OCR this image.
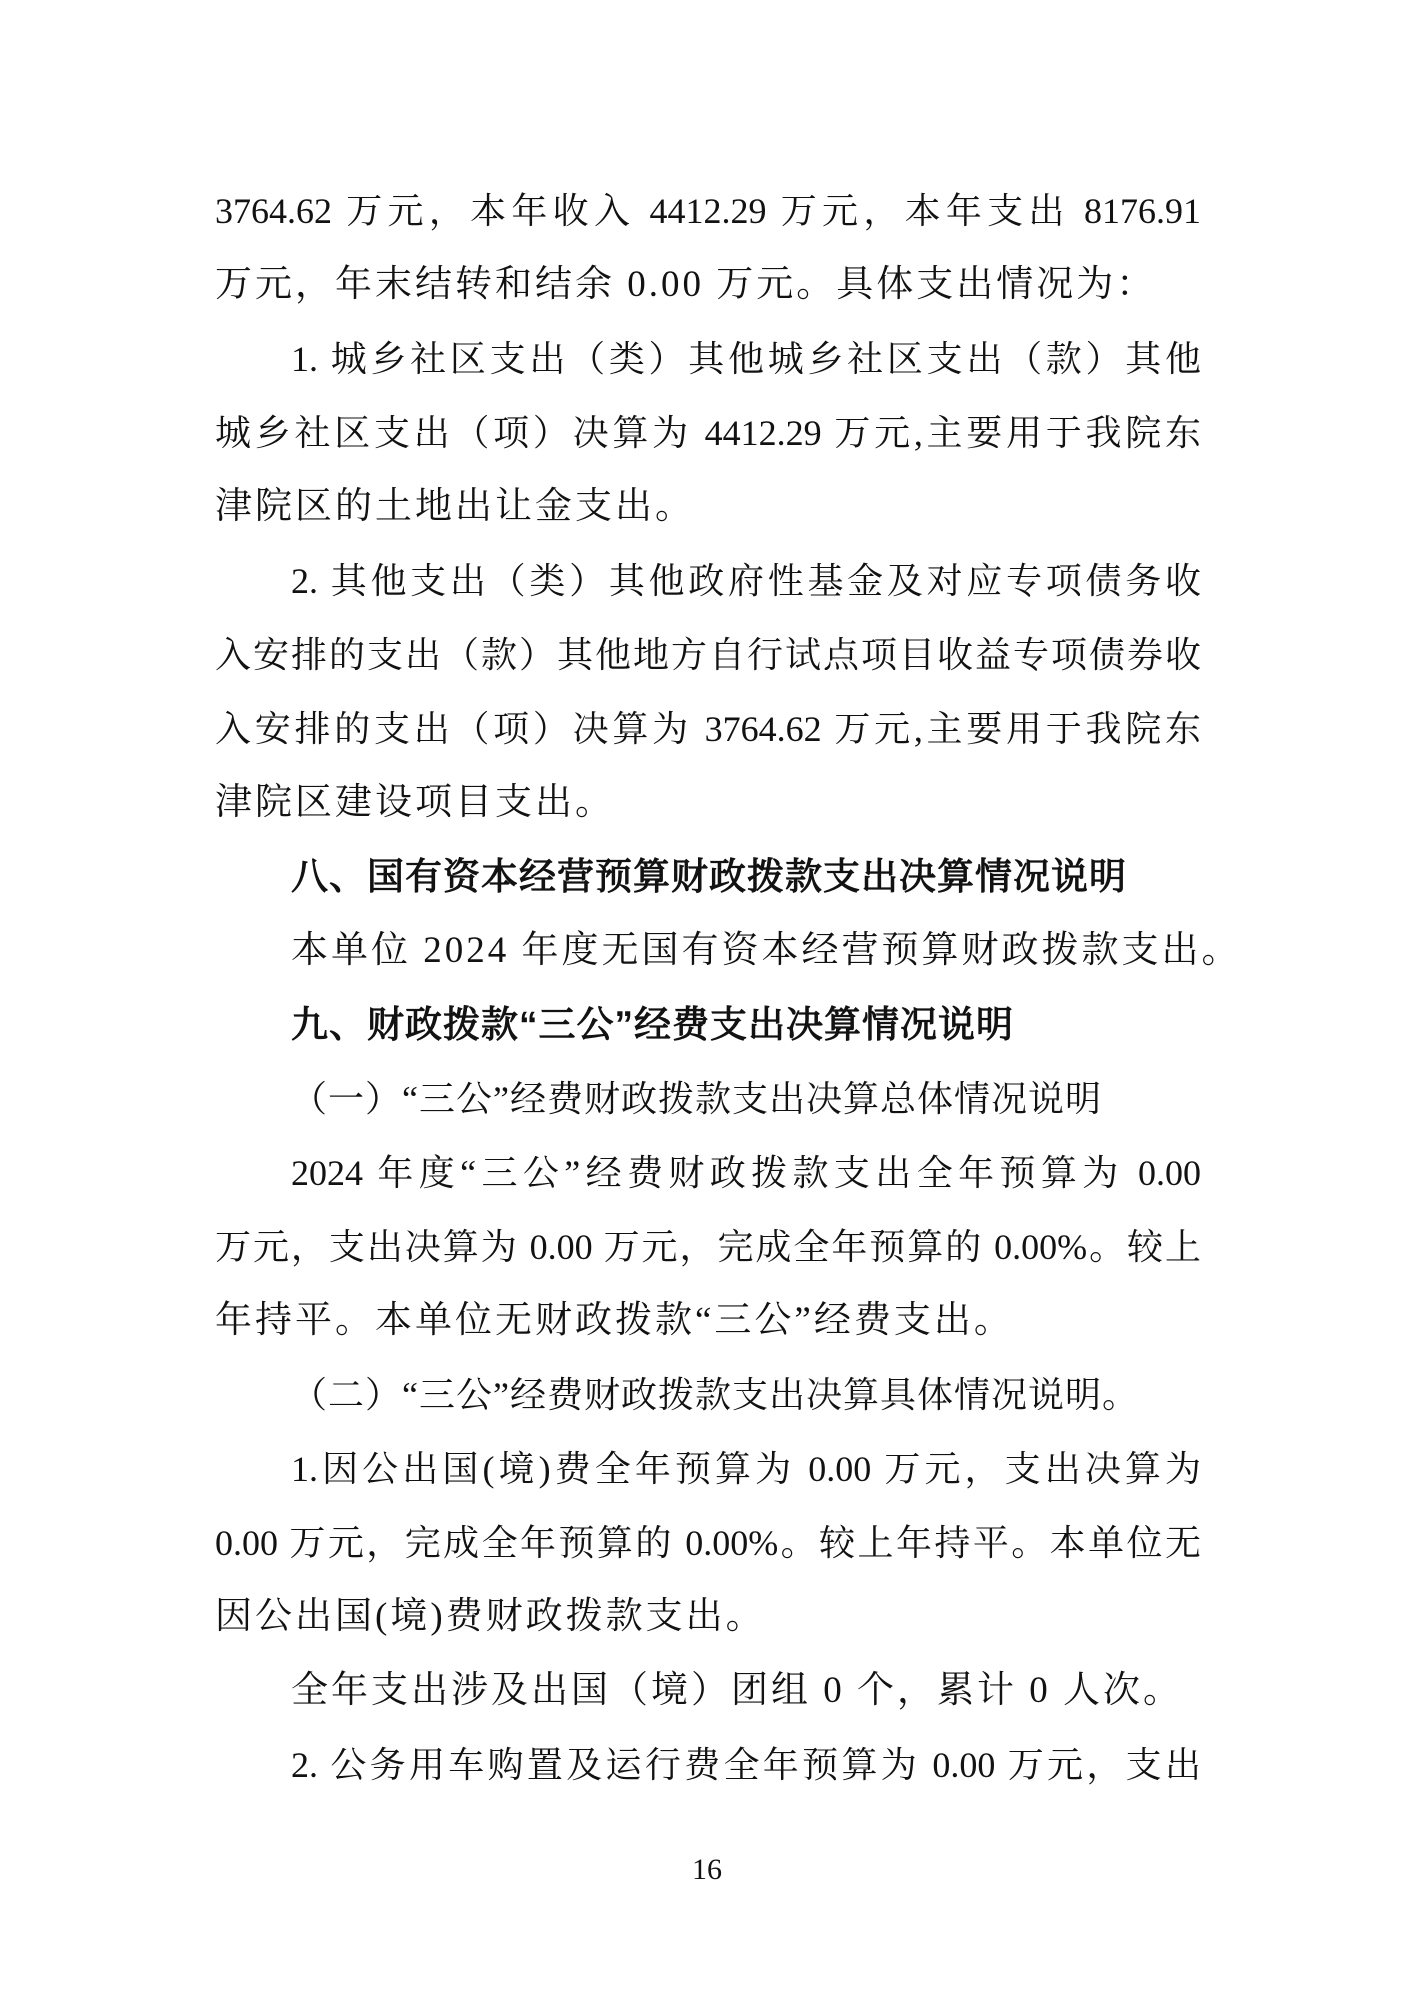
3764.62 万元，本年收入 4412.29 万元，本年支出 8176.91
万元，年末结转和结余 0.00 万元。具体支出情况为：
1. 城乡社区支出（类）其他城乡社区支出（款）其他
城乡社区支出（项）决算为 4412.29 万元,主要用于我院东
津院区的土地出让金支出。
2. 其他支出（类）其他政府性基金及对应专项债务收
入安排的支出（款）其他地方自行试点项目收益专项债券收
入安排的支出（项）决算为 3764.62 万元,主要用于我院东
津院区建设项目支出。
八、国有资本经营预算财政拨款支出决算情况说明
本单位 2024 年度无国有资本经营预算财政拨款支出。
九、财政拨款“三公”经费支出决算情况说明
（一）“三公”经费财政拨款支出决算总体情况说明
2024 年度“三公”经费财政拨款支出全年预算为 0.00
万元，支出决算为 0.00 万元，完成全年预算的 0.00%。较上
年持平。本单位无财政拨款“三公”经费支出。
（二）“三公”经费财政拨款支出决算具体情况说明。
1.因公出国(境)费全年预算为 0.00 万元，支出决算为
0.00 万元，完成全年预算的 0.00%。较上年持平。本单位无
因公出国(境)费财政拨款支出。
全年支出涉及出国（境）团组 0 个，累计 0 人次。
2. 公务用车购置及运行费全年预算为 0.00 万元，支出
16
